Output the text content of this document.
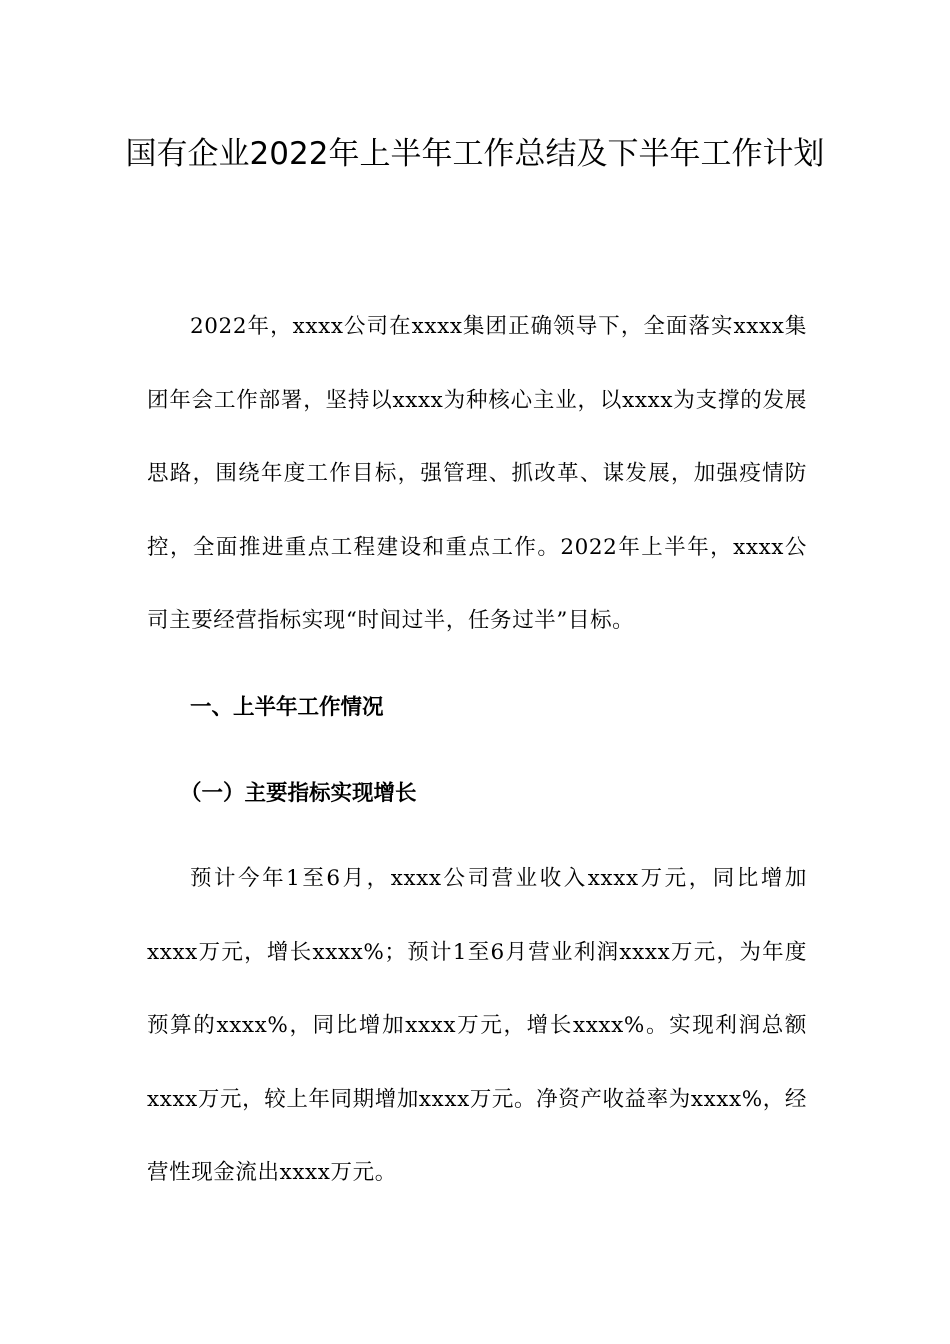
国有企业2022年上半年工作总结及下半年工作计划

2022年，xxxx公司在xxxx集团正确领导下，全面落实xxxx集团年会工作部署，坚持以xxxx为种核心主业，以xxxx为支撑的发展思路，围绕年度工作目标，强管理、抓改革、谋发展，加强疫情防控，全面推进重点工程建设和重点工作。2022年上半年，xxxx公司主要经营指标实现“时间过半，任务过半”目标。

一、上半年工作情况
（一）主要指标实现增长

预计今年1至6月，xxxx公司营业收入xxxx万元，同比增加xxxx万元，增长xxxx%；预计1至6月营业利润xxxx万元，为年度预算的xxxx%，同比增加xxxx万元，增长xxxx%。实现利润总额xxxx万元，较上年同期增加xxxx万元。净资产收益率为xxxx%，经营性现金流出xxxx万元。
